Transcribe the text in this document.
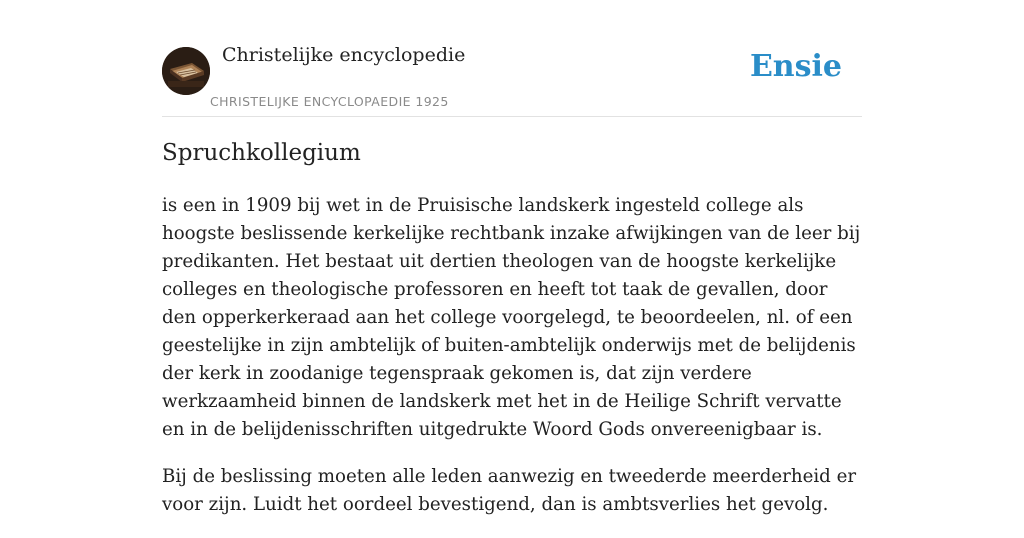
Christelijke encyclopedie
CHRISTELIJKE ENCYCLOPAEDIE 1925
Ensie
Spruchkollegium

is een in 1909 bij wet in de Pruisische landskerk ingesteld college als hoogste beslissende kerkelijke rechtbank inzake afwijkingen van de leer bij predikanten. Het bestaat uit dertien theologen van de hoogste kerkelijke colleges en theologische professoren en heeft tot taak de gevallen, door den opperkerkeraad aan het college voorgelegd, te beoordeelen, nl. of een geestelijke in zijn ambtelijk of buiten-ambtelijk onderwijs met de belijdenis der kerk in zoodanige tegenspraak gekomen is, dat zijn verdere werkzaamheid binnen de landskerk met het in de Heilige Schrift vervatte en in de belijdenisschriften uitgedrukte Woord Gods onvereenigbaar is.

Bij de beslissing moeten alle leden aanwezig en tweederde meerderheid er voor zijn. Luidt het oordeel bevestigend, dan is ambtsverlies het gevolg.
